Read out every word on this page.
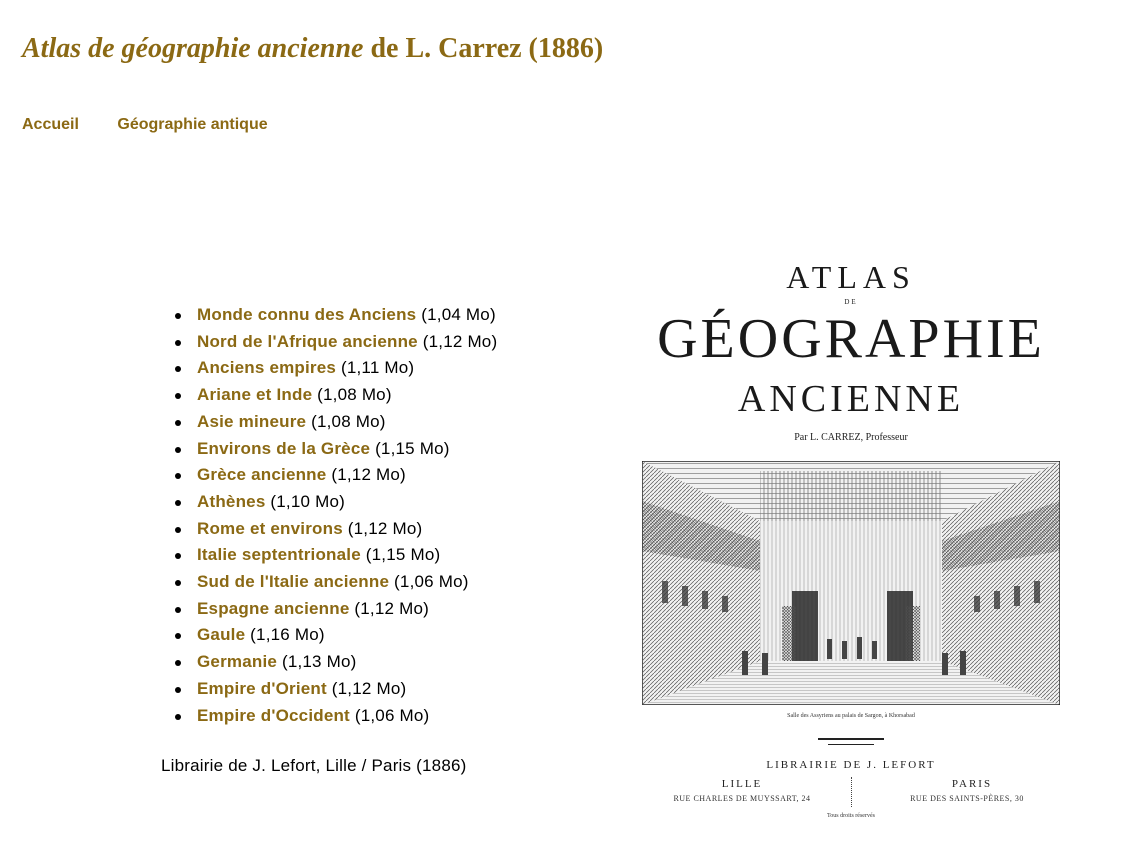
Atlas de géographie ancienne de L. Carrez (1886)
Accueil Géographie antique
Monde connu des Anciens (1,04 Mo)
Nord de l'Afrique ancienne (1,12 Mo)
Anciens empires (1,11 Mo)
Ariane et Inde (1,08 Mo)
Asie mineure (1,08 Mo)
Environs de la Grèce (1,15 Mo)
Grèce ancienne (1,12 Mo)
Athènes (1,10 Mo)
Rome et environs (1,12 Mo)
Italie septentrionale (1,15 Mo)
Sud de l'Italie ancienne (1,06 Mo)
Espagne ancienne (1,12 Mo)
Gaule (1,16 Mo)
Germanie (1,13 Mo)
Empire d'Orient (1,12 Mo)
Empire d'Occident (1,06 Mo)
Librairie de J. Lefort, Lille / Paris (1886)
ATLAS
DE
GÉOGRAPHIE
ANCIENNE
Par L. CARREZ, Professeur
Salle des Assyriens au palais de Sargon, à Khorsabad
LIBRAIRIE DE J. LEFORT
LILLE	PARIS
RUE CHARLES DE MUYSSART, 24	RUE DES SAINTS-PÈRES, 30
Tous droits réservés
